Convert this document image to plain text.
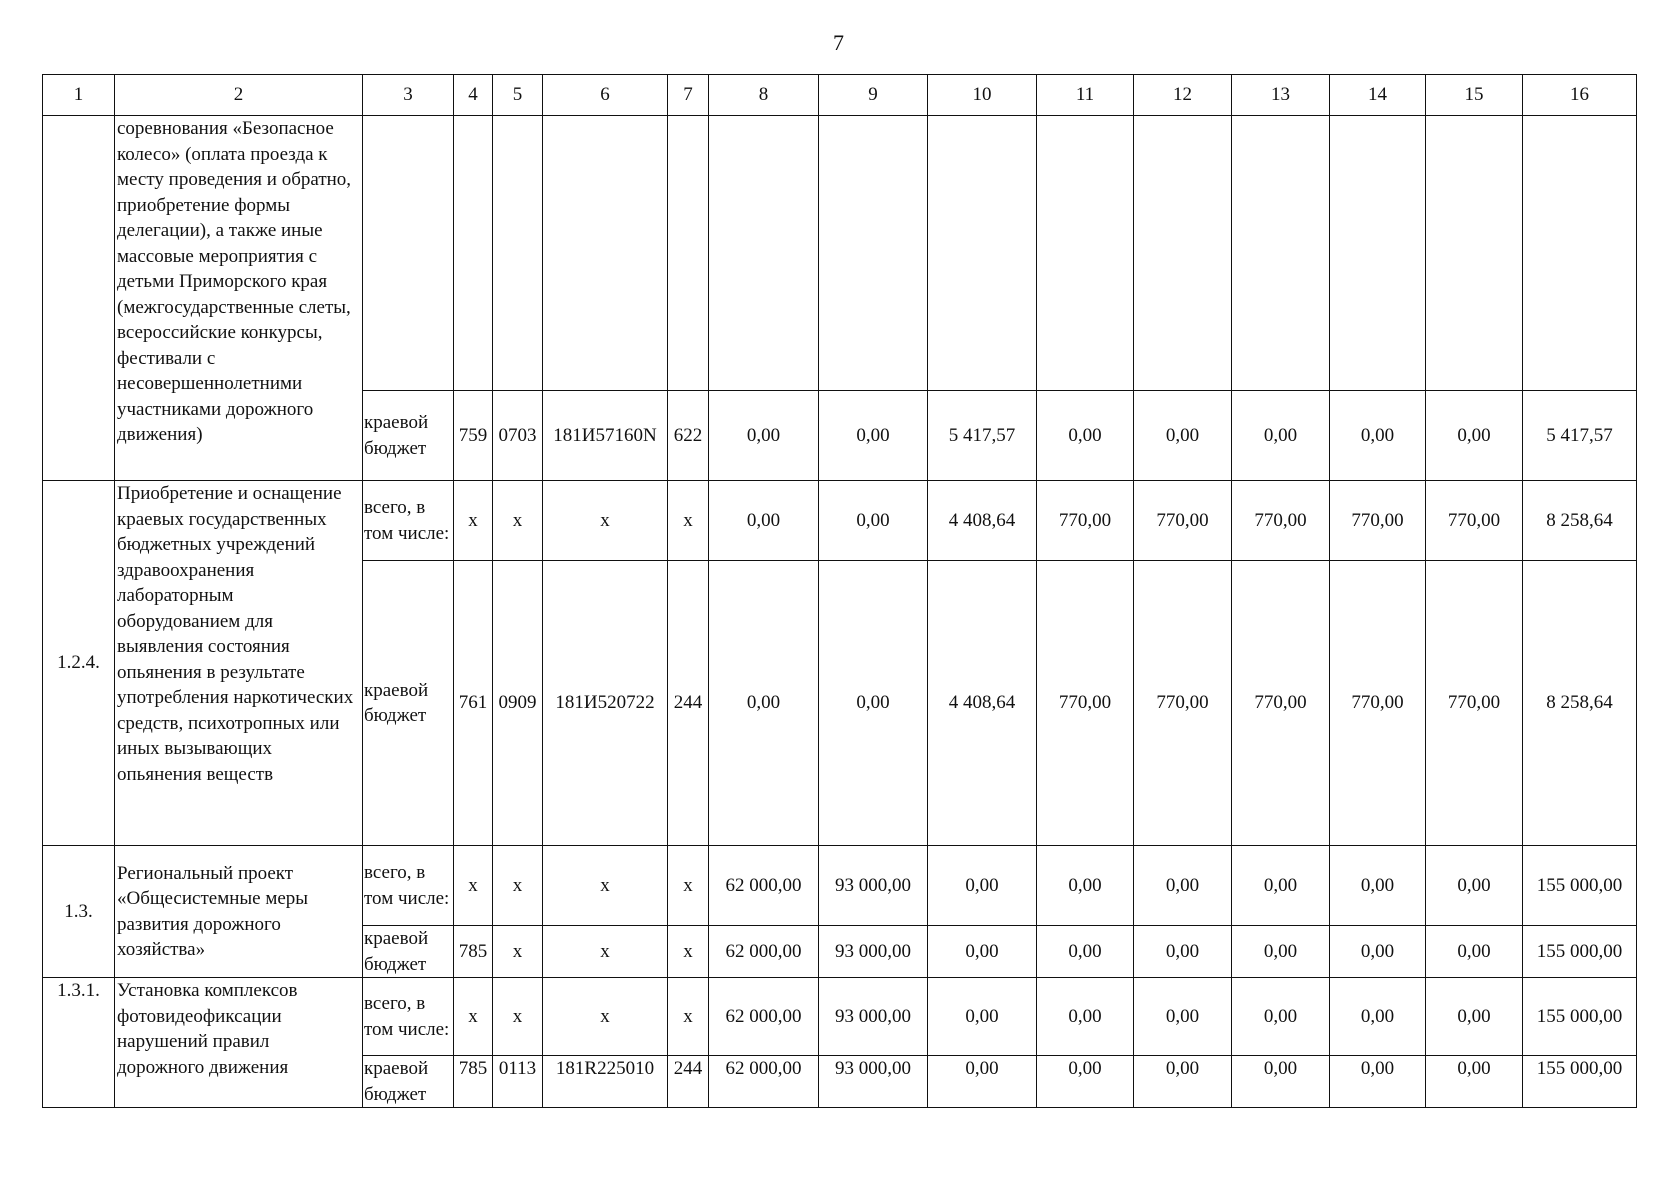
7
1	2	3	4	5	6	7	8	9	10	11	12	13	14	15	16
	соревнования «Безопасное колесо» (оплата проезда к месту проведения и обратно, приобретение формы делегации), а также иные массовые мероприятия с детьми Приморского края (межгосударственные слеты, всероссийские конкурсы, фестивали с несовершеннолетними участниками дорожного движения)														
		краевой бюджет	759	0703	181И57160N	622	0,00	0,00	5 417,57	0,00	0,00	0,00	0,00	0,00	5 417,57
1.2.4.	Приобретение и оснащение краевых государственных бюджетных учреждений здравоохранения лабораторным оборудованием для выявления состояния опьянения в результате употребления наркотических средств, психотропных или иных вызывающих опьянения веществ	всего, в том числе:	х	х	х	х	0,00	0,00	4 408,64	770,00	770,00	770,00	770,00	770,00	8 258,64
		краевой бюджет	761	0909	181И520722	244	0,00	0,00	4 408,64	770,00	770,00	770,00	770,00	770,00	8 258,64
1.3.	Региональный проект «Общесистемные меры развития дорожного хозяйства»	всего, в том числе:	х	х	х	х	62 000,00	93 000,00	0,00	0,00	0,00	0,00	0,00	0,00	155 000,00
		краевой бюджет	785	х	х	х	62 000,00	93 000,00	0,00	0,00	0,00	0,00	0,00	0,00	155 000,00
1.3.1.	Установка комплексов фотовидеофиксации нарушений правил дорожного движения	всего, в том числе:	х	х	х	х	62 000,00	93 000,00	0,00	0,00	0,00	0,00	0,00	0,00	155 000,00
		краевой бюджет	785	0113	181R225010	244	62 000,00	93 000,00	0,00	0,00	0,00	0,00	0,00	0,00	155 000,00
